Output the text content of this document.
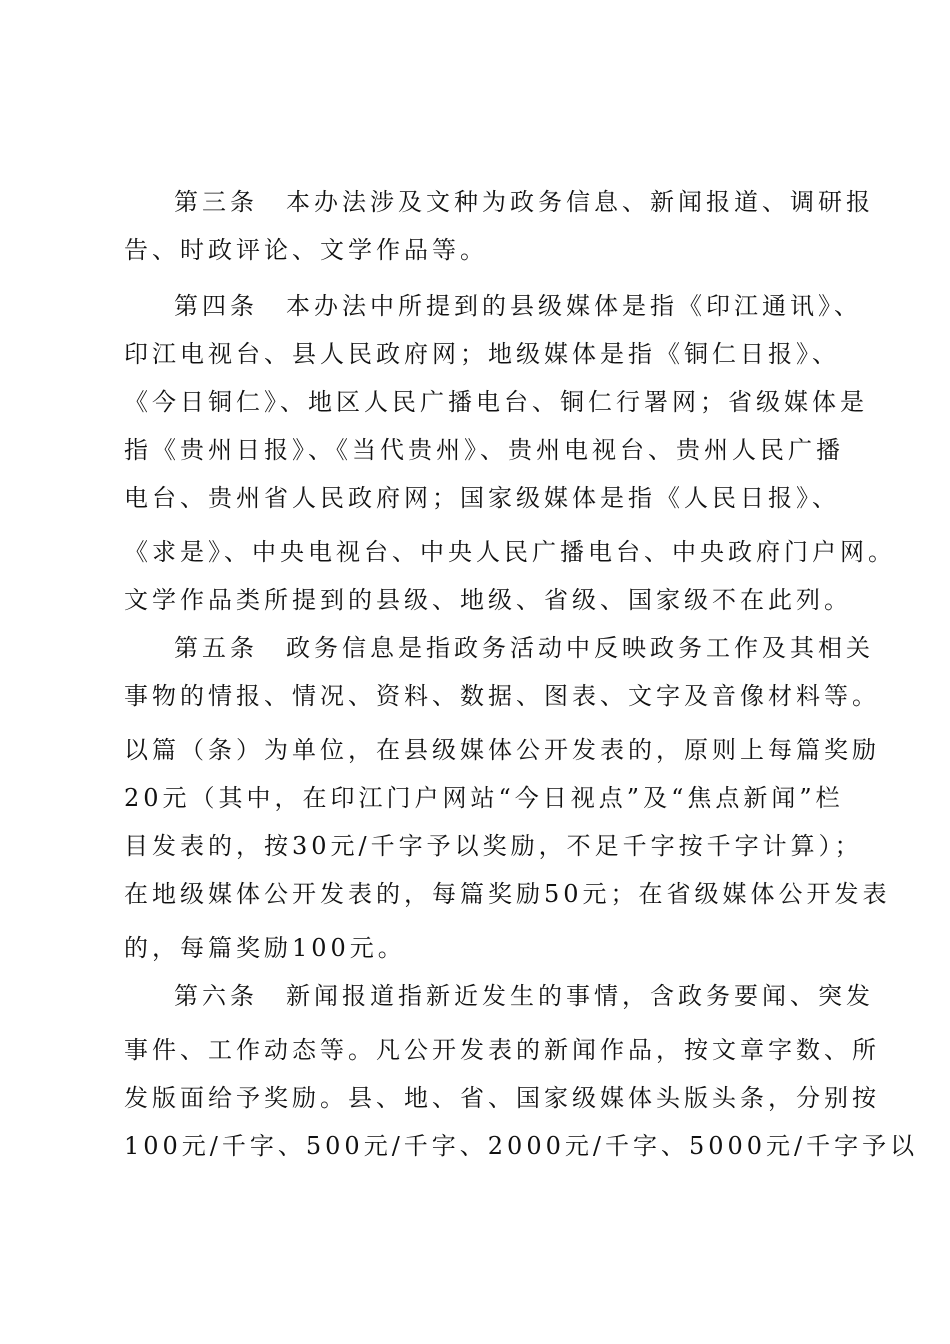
第三条　本办法涉及文种为政务信息、新闻报道、调研报
告、时政评论、文学作品等。
第四条　本办法中所提到的县级媒体是指《印江通讯》、
印江电视台、县人民政府网；地级媒体是指《铜仁日报》、
《今日铜仁》、地区人民广播电台、铜仁行署网；省级媒体是
指《贵州日报》、《当代贵州》、贵州电视台、贵州人民广播
电台、贵州省人民政府网；国家级媒体是指《人民日报》、
《求是》、中央电视台、中央人民广播电台、中央政府门户网。
文学作品类所提到的县级、地级、省级、国家级不在此列。
第五条　政务信息是指政务活动中反映政务工作及其相关
事物的情报、情况、资料、数据、图表、文字及音像材料等。
以篇（条）为单位，在县级媒体公开发表的，原则上每篇奖励
20元（其中，在印江门户网站“今日视点”及“焦点新闻”栏
目发表的，按30元/千字予以奖励，不足千字按千字计算）；
在地级媒体公开发表的，每篇奖励50元；在省级媒体公开发表
的，每篇奖励100元。
第六条　新闻报道指新近发生的事情，含政务要闻、突发
事件、工作动态等。凡公开发表的新闻作品，按文章字数、所
发版面给予奖励。县、地、省、国家级媒体头版头条，分别按
100元/千字、500元/千字、2000元/千字、5000元/千字予以
